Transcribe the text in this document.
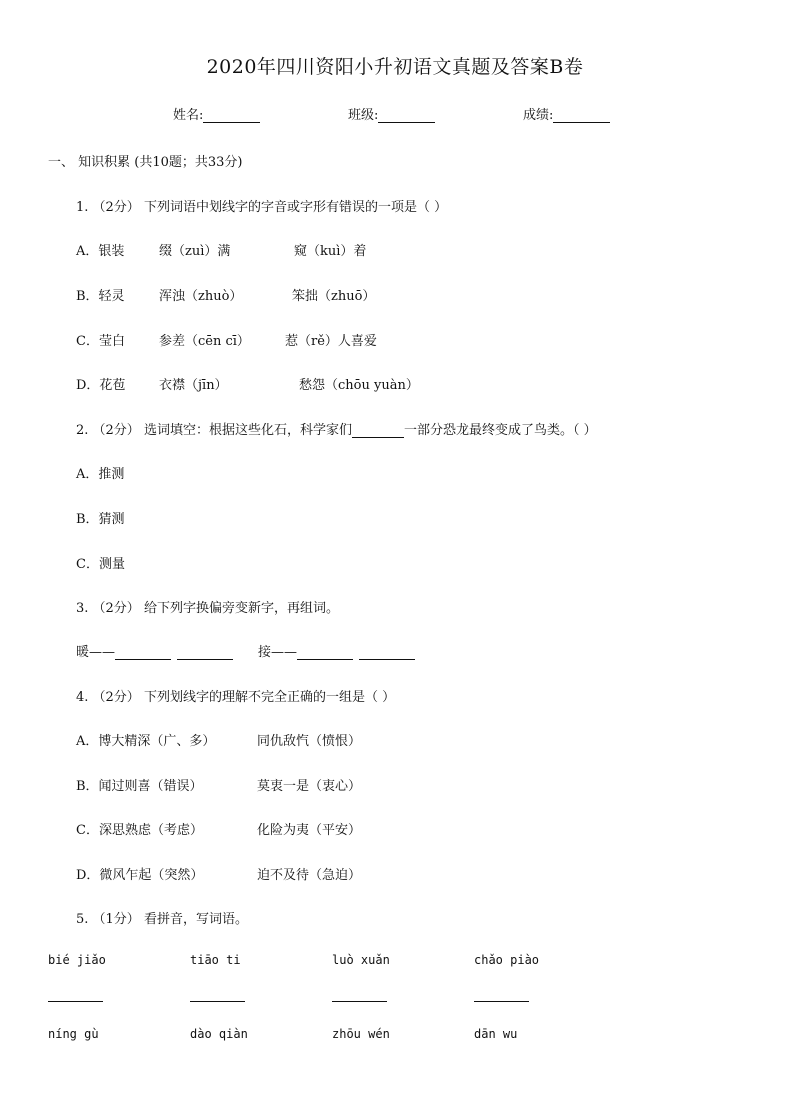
2020年四川资阳小升初语文真题及答案B卷
姓名:	班级:	成绩:
一、 知识积累 (共10题；共33分)
1. （2分） 下列词语中划线字的字音或字形有错误的一项是（ ）
A．银装	缀（zuì）满	窥（kuì）着
B．轻灵	浑浊（zhuò）	笨拙（zhuō）
C．莹白	参差（cēn cī）	惹（rě）人喜爱
D．花苞	衣襟（jīn）	愁怨（chōu yuàn）
2. （2分） 选词填空：根据这些化石，科学家们	一部分恐龙最终变成了鸟类。（ ）
A．推测
B．猜测
C．测量
3. （2分） 给下列字换偏旁变新字，再组词。
暖——	接——
4. （2分） 下列划线字的理解不完全正确的一组是（ ）
A．博大精深（广、多）	同仇敌忾（愤恨）
B．闻过则喜（错误）	莫衷一是（衷心）
C．深思熟虑（考虑）	化险为夷（平安）
D．微风乍起（突然）	迫不及待（急迫）
5. （1分） 看拼音，写词语。
bié jiǎo	tiāo ti	luò xuǎn	chǎo piào
níng gù	dào qiàn	zhōu wén	dān wu
